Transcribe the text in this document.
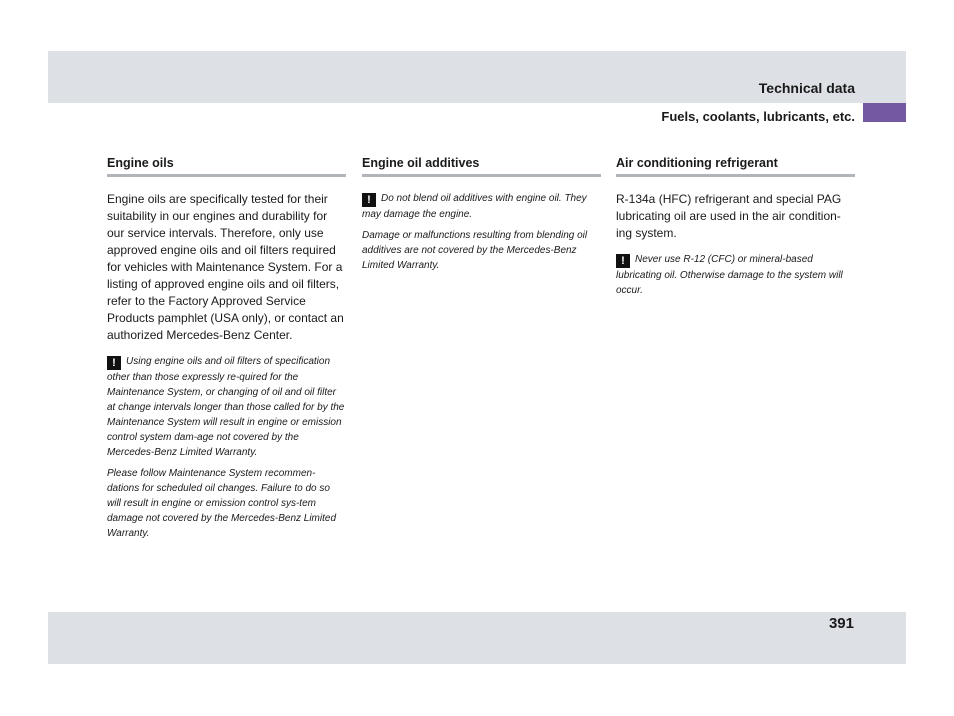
Technical data
Fuels, coolants, lubricants, etc.
Engine oils

Engine oils are specifically tested for their suitability in our engines and durability for our service intervals. Therefore, only use approved engine oils and oil filters required for vehicles with Maintenance System. For a listing of approved engine oils and oil filters, refer to the Factory Approved Service Products pamphlet (USA only), or contact an authorized Mercedes-Benz Center.

! Using engine oils and oil filters of specification other than those expressly re-quired for the Maintenance System, or changing of oil and oil filter at change intervals longer than those called for by the Maintenance System will result in engine or emission control system dam-age not covered by the Mercedes-Benz Limited Warranty.

Please follow Maintenance System recommen-dations for scheduled oil changes. Failure to do so will result in engine or emission control sys-tem damage not covered by the Mercedes-Benz Limited Warranty.

Engine oil additives

! Do not blend oil additives with engine oil. They may damage the engine.

Damage or malfunctions resulting from blending oil additives are not covered by the Mercedes-Benz Limited Warranty.

Air conditioning refrigerant

R-134a (HFC) refrigerant and special PAG lubricating oil are used in the air condition-ing system.

! Never use R-12 (CFC) or mineral-based lubricating oil. Otherwise damage to the system will occur.

391
